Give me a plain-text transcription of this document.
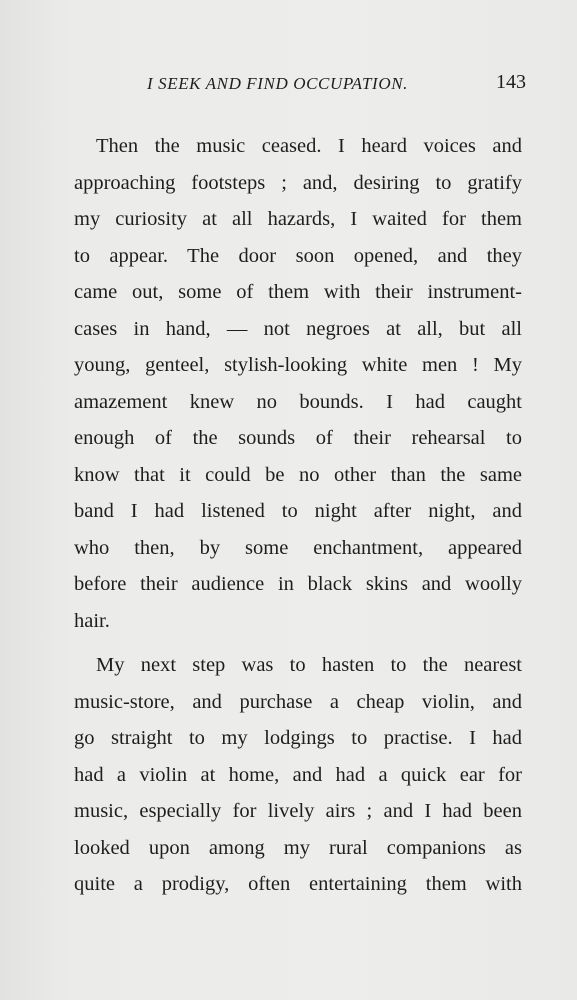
I SEEK AND FIND OCCUPATION.	143
Then the music ceased. I heard voices and
approaching footsteps ; and, desiring to gratify
my curiosity at all hazards, I waited for them
to appear. The door soon opened, and they
came out, some of them with their instrument-
cases in hand, — not negroes at all, but all
young, genteel, stylish-looking white men ! My
amazement knew no bounds. I had caught
enough of the sounds of their rehearsal to
know that it could be no other than the same
band I had listened to night after night, and
who then, by some enchantment, appeared
before their audience in black skins and woolly
hair.
My next step was to hasten to the nearest
music-store, and purchase a cheap violin, and
go straight to my lodgings to practise. I had
had a violin at home, and had a quick ear for
music, especially for lively airs ; and I had been
looked upon among my rural companions as
quite a prodigy, often entertaining them with
